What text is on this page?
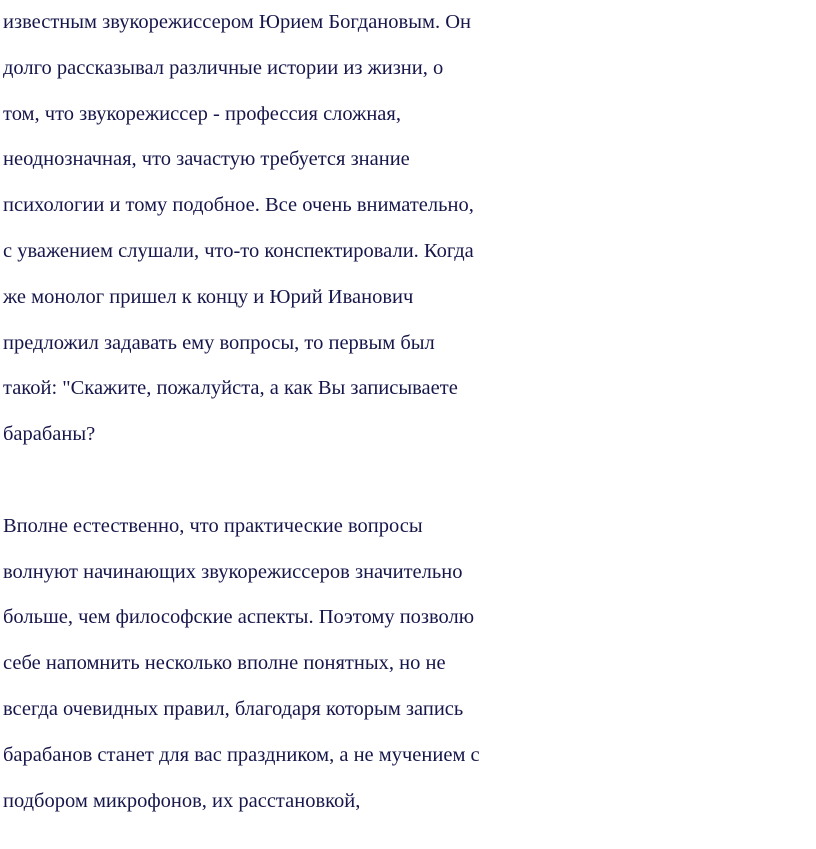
известным звукорежиссером Юрием Богдановым. Он
долго рассказывал различные истории из жизни, о
том, что звукорежиссер - профессия сложная,
неоднозначная, что зачастую требуется знание
психологии и тому подобное. Все очень внимательно,
с уважением слушали, что-то конспектировали. Когда
же монолог пришел к концу и Юрий Иванович
предложил задавать ему вопросы, то первым был
такой: "Скажите, пожалуйста, а как Вы записываете
барабаны?
Вполне естественно, что практические вопросы
волнуют начинающих звукорежиссеров значительно
больше, чем философские аспекты. Поэтому позволю
себе напомнить несколько вполне понятных, но не
всегда очевидных правил, благодаря которым запись
барабанов станет для вас праздником, а не мучением с
подбором микрофонов, их расстановкой,
